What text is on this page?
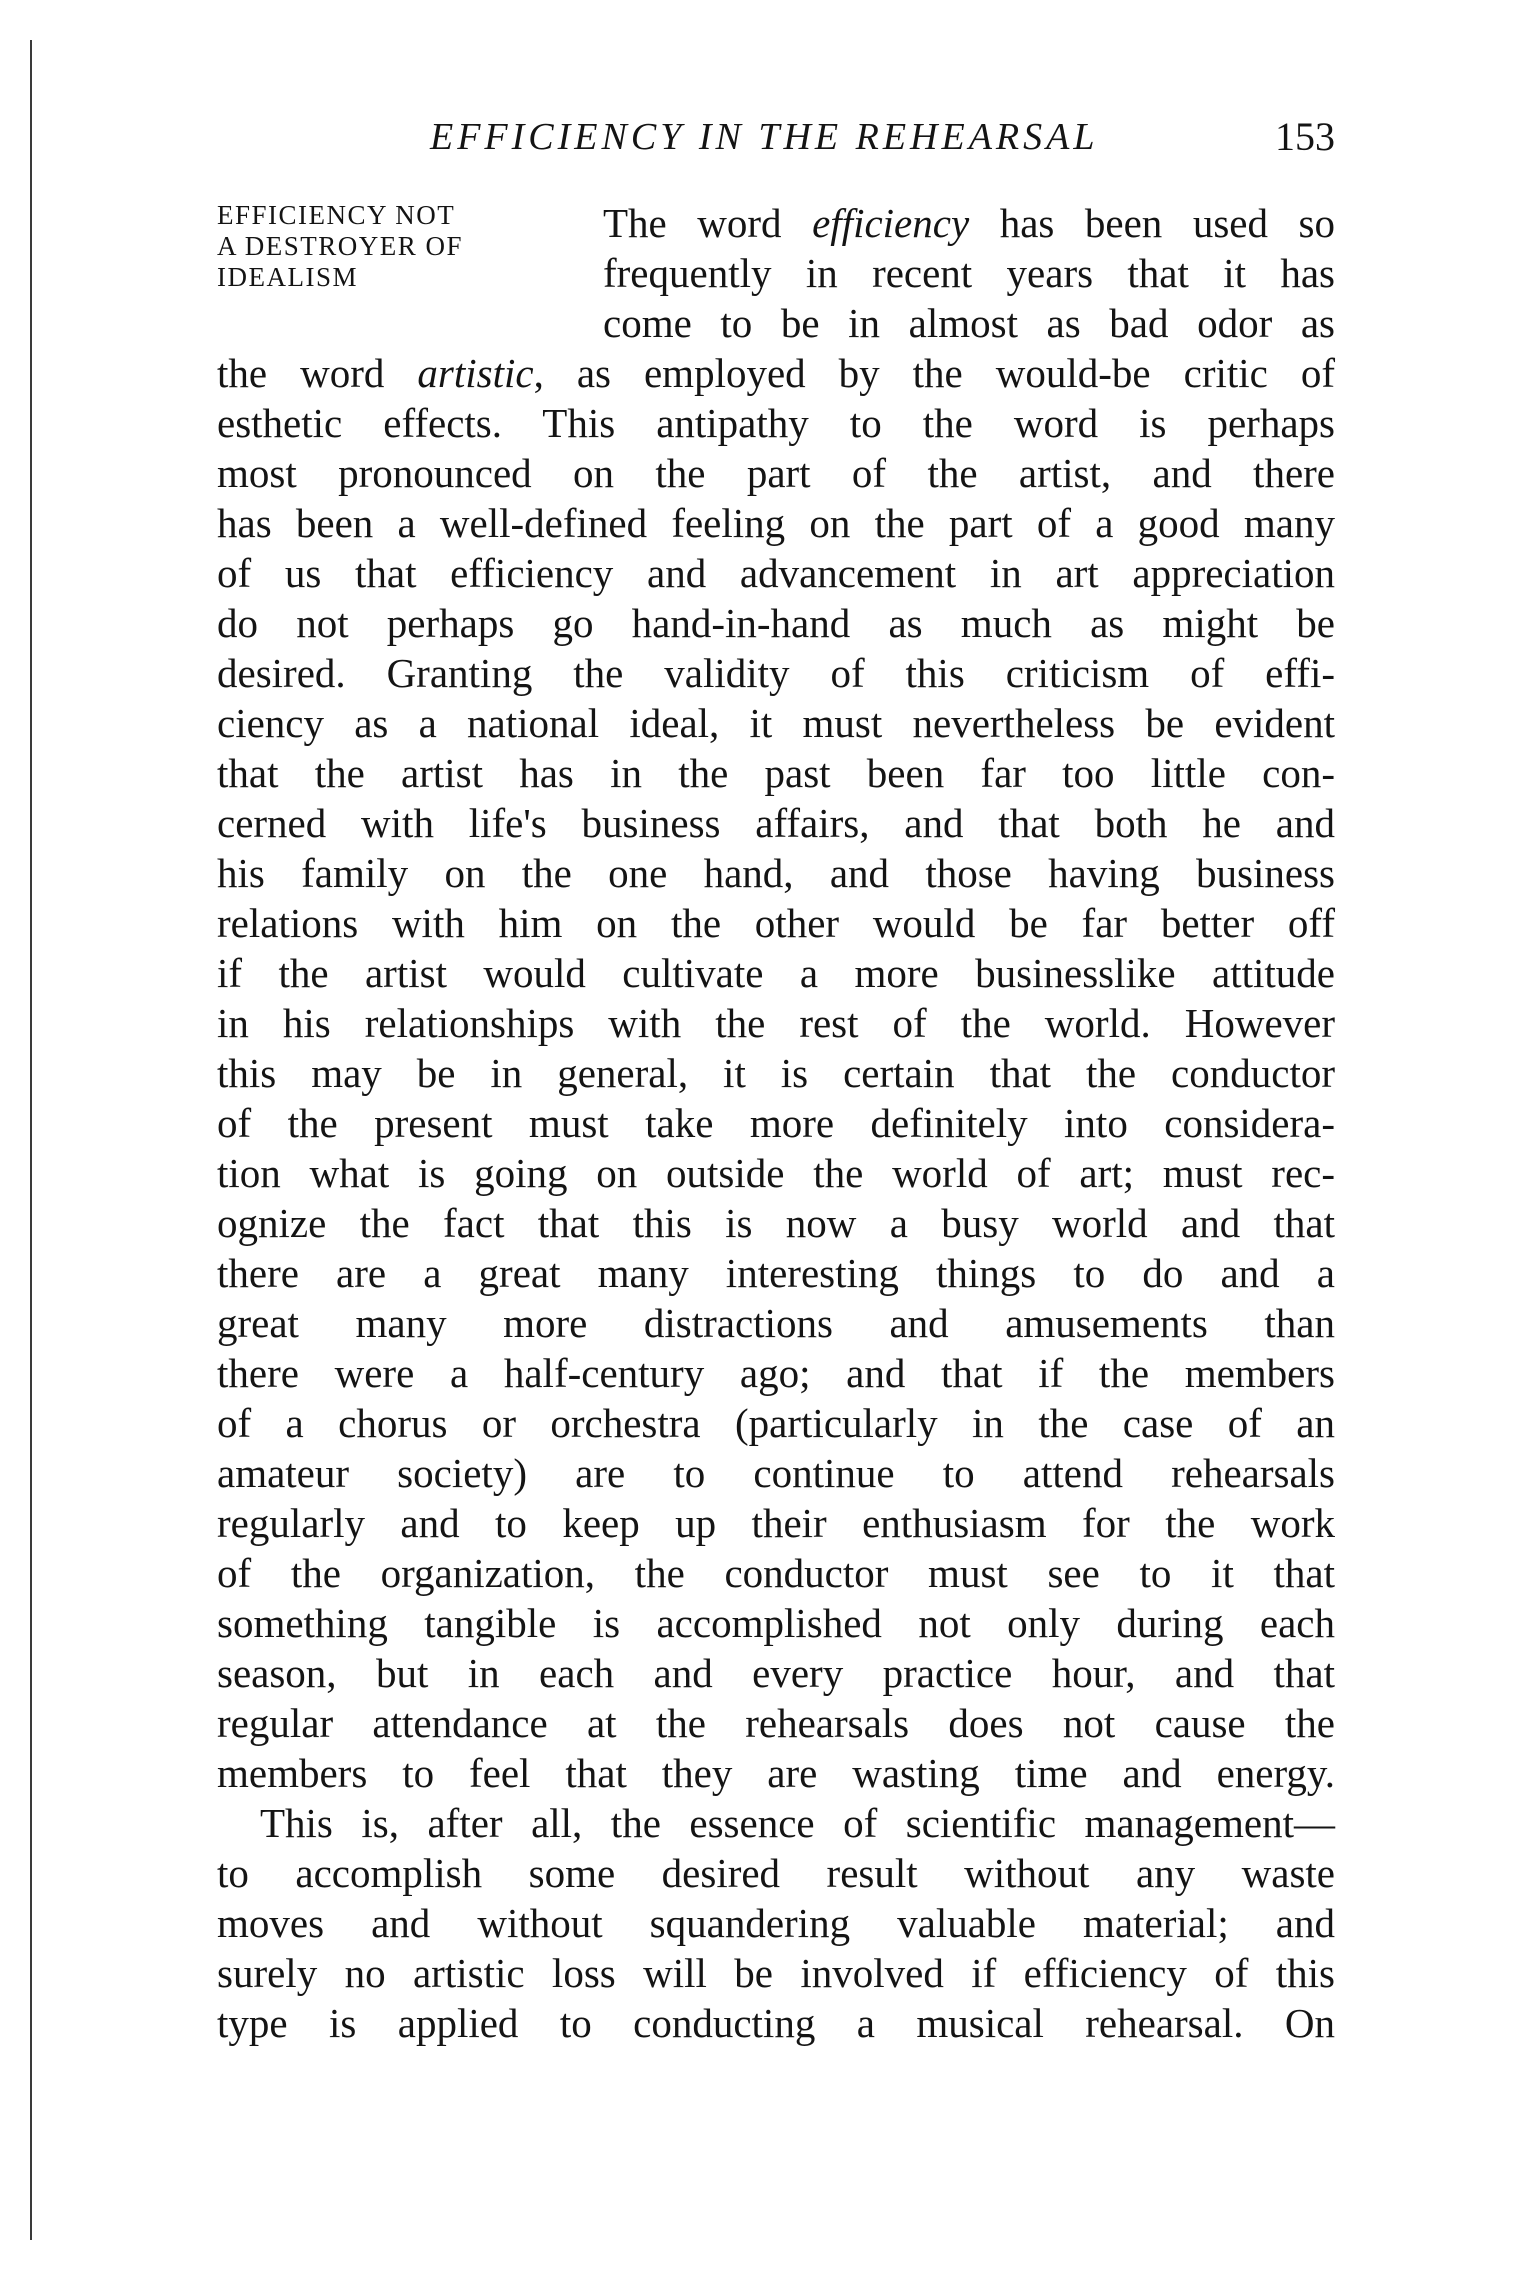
EFFICIENCY IN THE REHEARSAL	153
EFFICIENCY NOT
A DESTROYER OF
IDEALISM
The word efficiency has been used so
frequently in recent years that it has
come to be in almost as bad odor as
the word artistic, as employed by the would-be critic of
esthetic effects. This antipathy to the word is perhaps
most pronounced on the part of the artist, and there
has been a well-defined feeling on the part of a good many
of us that efficiency and advancement in art appreciation
do not perhaps go hand-in-hand as much as might be
desired. Granting the validity of this criticism of effi-
ciency as a national ideal, it must nevertheless be evident
that the artist has in the past been far too little con-
cerned with life's business affairs, and that both he and
his family on the one hand, and those having business
relations with him on the other would be far better off
if the artist would cultivate a more businesslike attitude
in his relationships with the rest of the world. However
this may be in general, it is certain that the conductor
of the present must take more definitely into considera-
tion what is going on outside the world of art; must rec-
ognize the fact that this is now a busy world and that
there are a great many interesting things to do and a
great many more distractions and amusements than
there were a half-century ago; and that if the members
of a chorus or orchestra (particularly in the case of an
amateur society) are to continue to attend rehearsals
regularly and to keep up their enthusiasm for the work
of the organization, the conductor must see to it that
something tangible is accomplished not only during each
season, but in each and every practice hour, and that
regular attendance at the rehearsals does not cause the
members to feel that they are wasting time and energy.
This is, after all, the essence of scientific management—
to accomplish some desired result without any waste
moves and without squandering valuable material; and
surely no artistic loss will be involved if efficiency of this
type is applied to conducting a musical rehearsal. On
